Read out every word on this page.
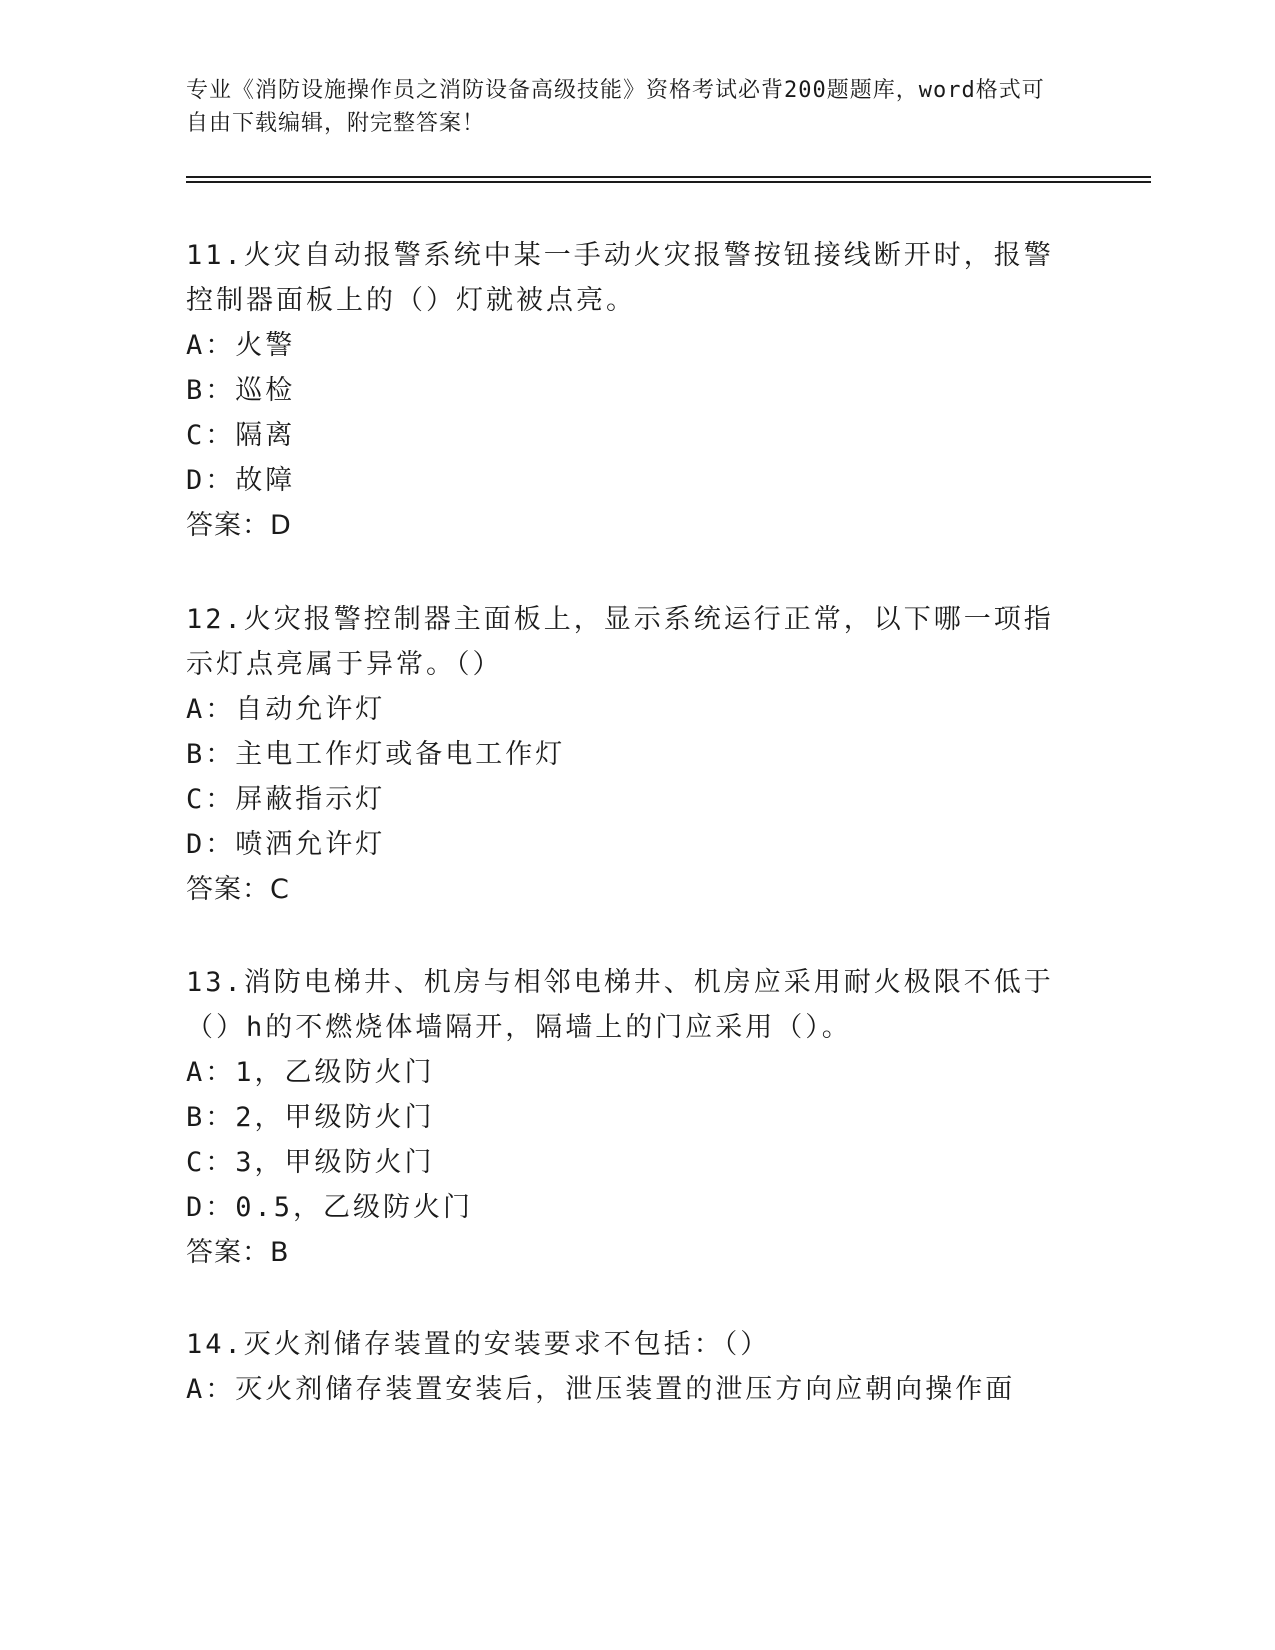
专业《消防设施操作员之消防设备高级技能》资格考试必背200题题库，word格式可自由下载编辑，附完整答案！

11.火灾自动报警系统中某一手动火灾报警按钮接线断开时，报警控制器面板上的（）灯就被点亮。

A：火警

B：巡检

C：隔离

D：故障

答案：D

12.火灾报警控制器主面板上，显示系统运行正常，以下哪一项指示灯点亮属于异常。（）

A：自动允许灯

B：主电工作灯或备电工作灯

C：屏蔽指示灯

D：喷洒允许灯

答案：C

13.消防电梯井、机房与相邻电梯井、机房应采用耐火极限不低于（）h的不燃烧体墙隔开，隔墙上的门应采用（）。

A：1，乙级防火门

B：2，甲级防火门

C：3，甲级防火门

D：0.5，乙级防火门

答案：B

14.灭火剂储存装置的安装要求不包括：（）

A：灭火剂储存装置安装后，泄压装置的泄压方向应朝向操作面
